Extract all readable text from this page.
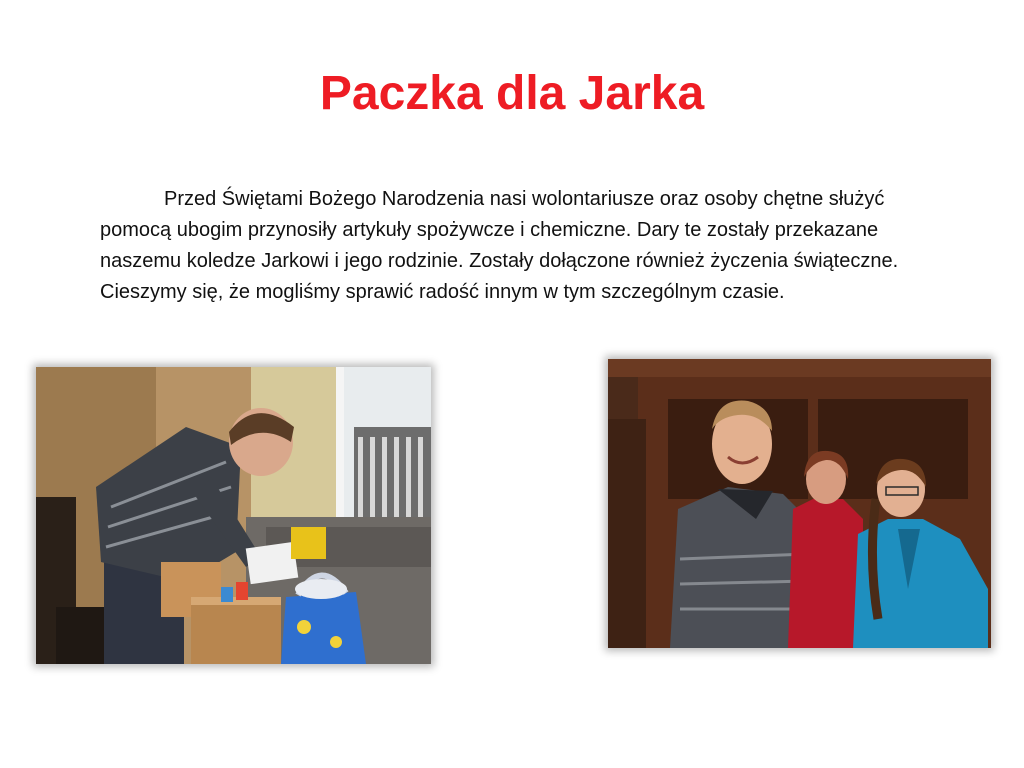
Paczka dla Jarka

Przed Świętami Bożego Narodzenia nasi wolontariusze oraz osoby chętne służyć pomocą ubogim przynosiły artykuły spożywcze i chemiczne. Dary te zostały przekazane naszemu koledze Jarkowi i jego rodzinie. Zostały dołączone również życzenia świąteczne. Cieszymy się, że mogliśmy sprawić radość innym w tym szczególnym czasie.
